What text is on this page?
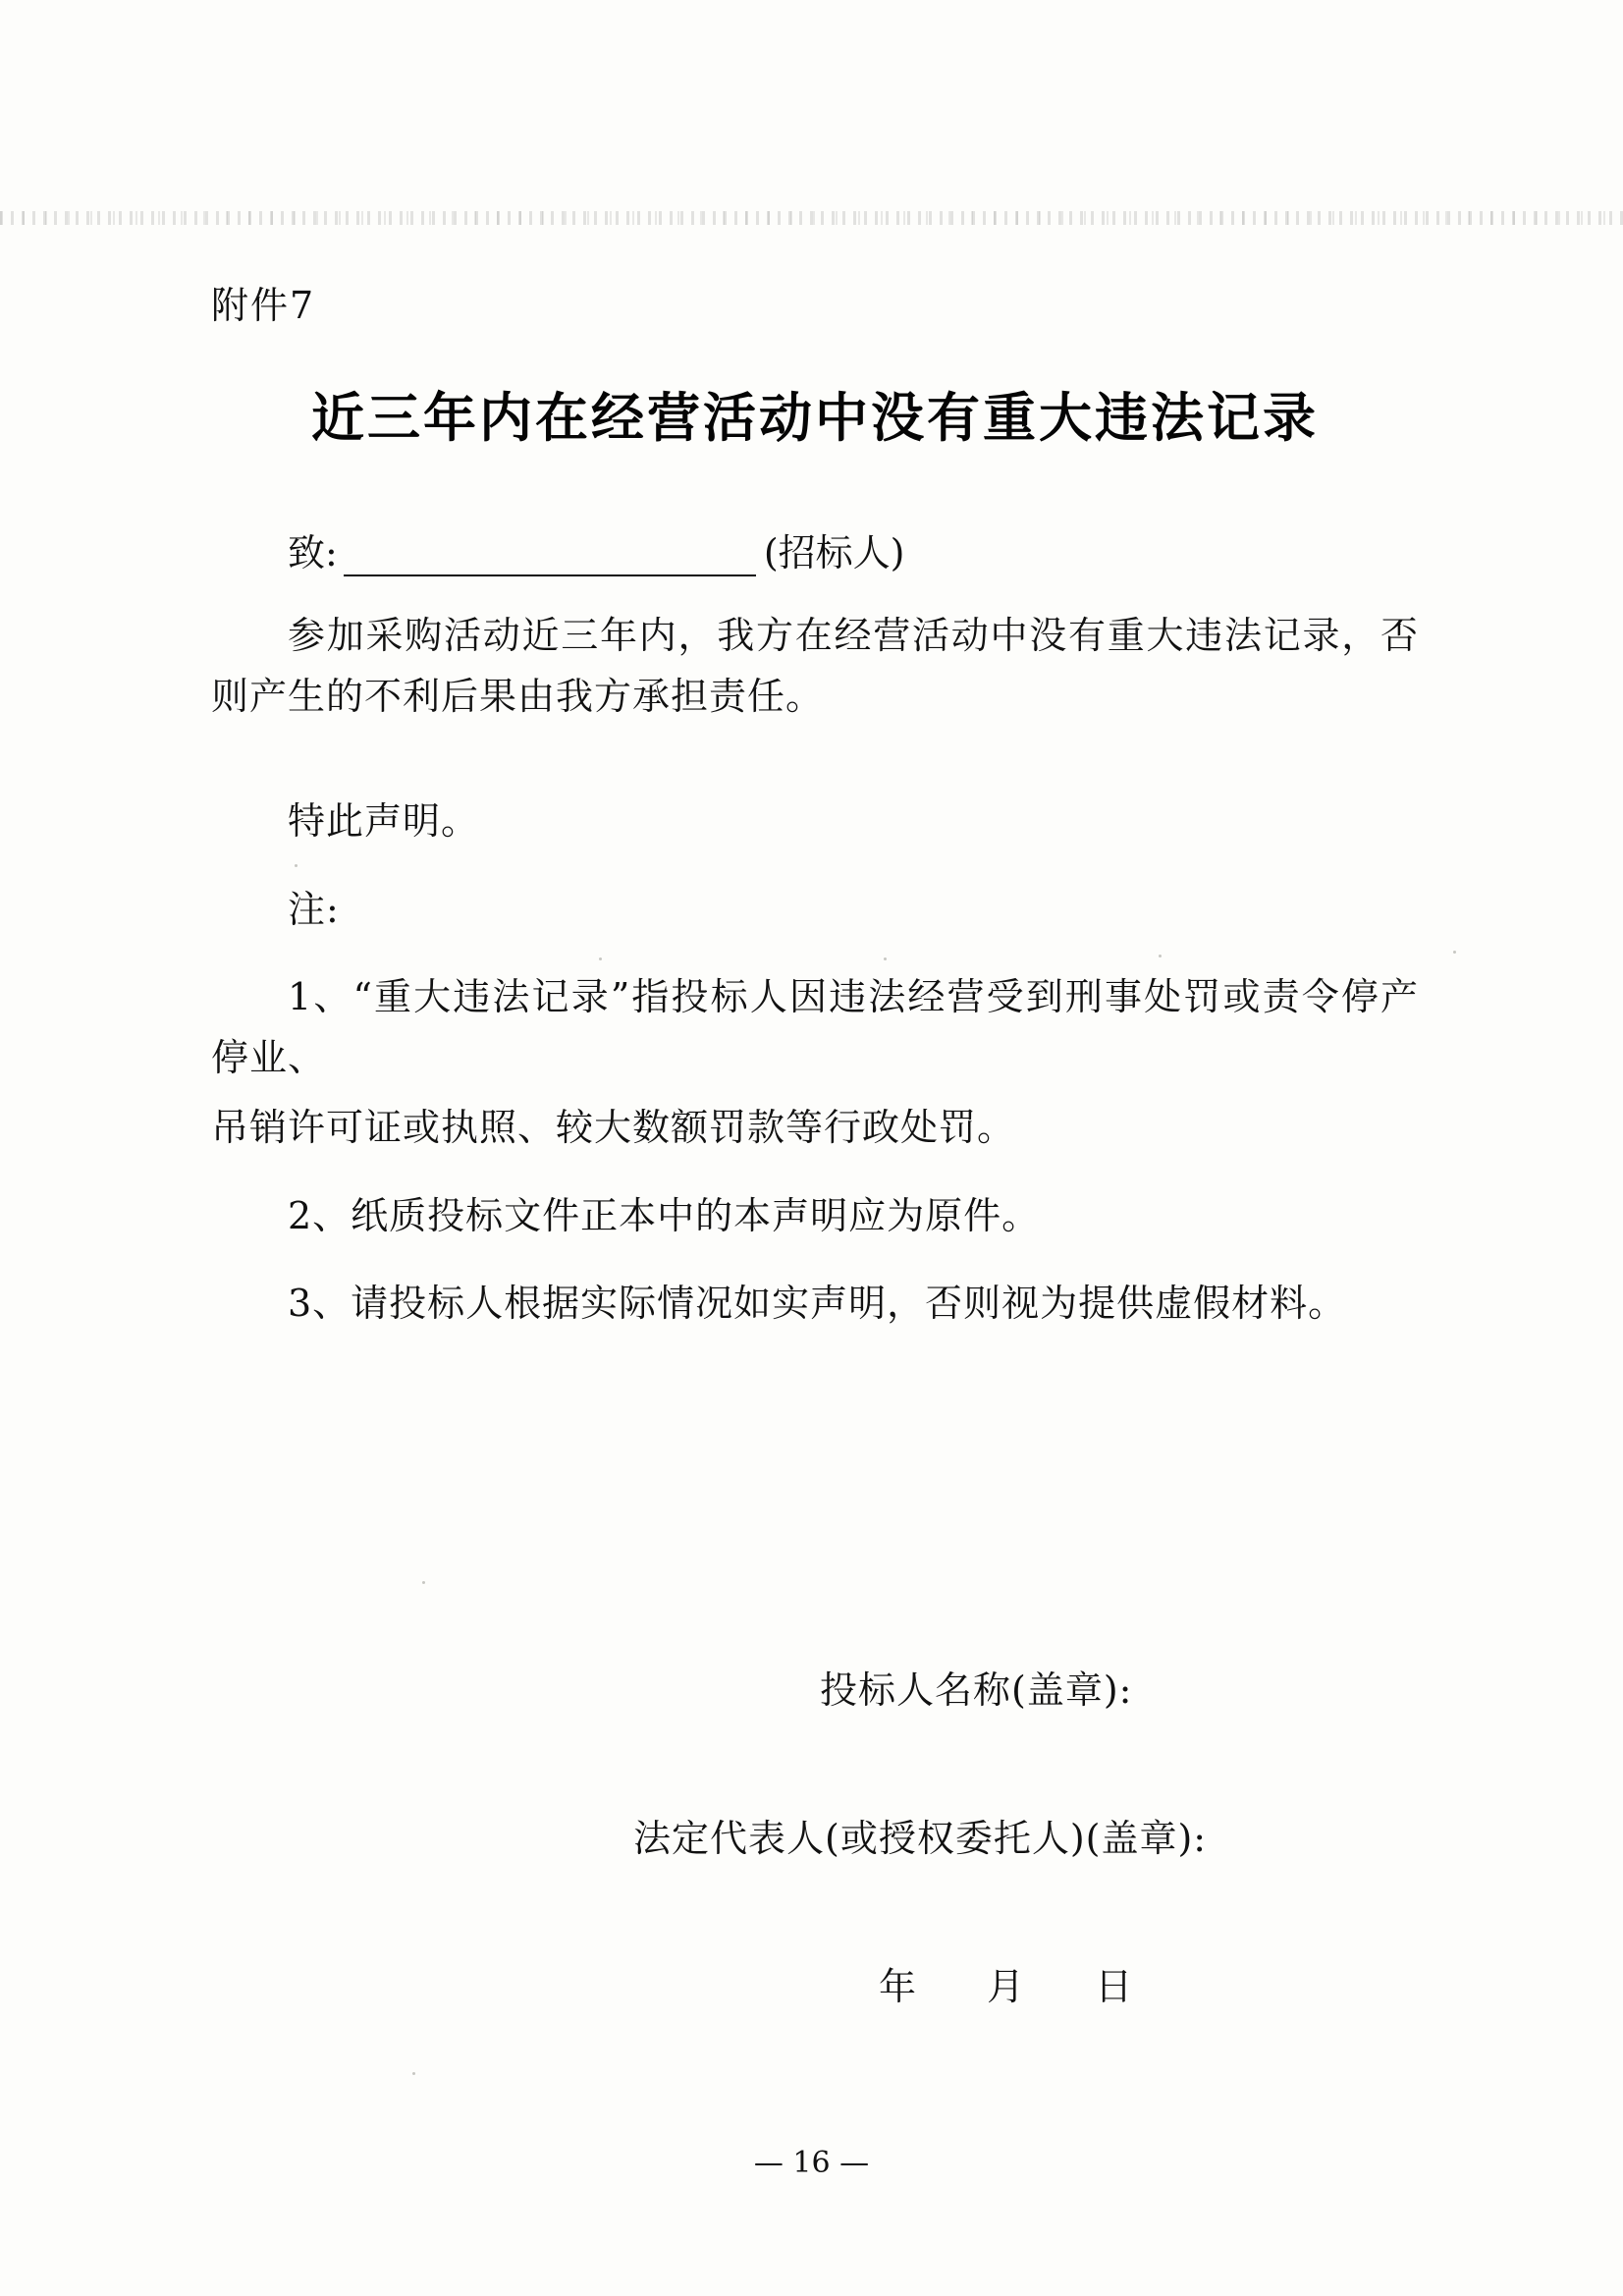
附件7
近三年内在经营活动中没有重大违法记录
致:	(招标人)

参加采购活动近三年内，我方在经营活动中没有重大违法记录，否则产生的不利后果由我方承担责任。

特此声明。

注:

1、“重大违法记录”指投标人因违法经营受到刑事处罚或责令停产停业、

吊销许可证或执照、较大数额罚款等行政处罚。

2、纸质投标文件正本中的本声明应为原件。

3、请投标人根据实际情况如实声明，否则视为提供虚假材料。

投标人名称(盖章):
法定代表人(或授权委托人)(盖章):
年 月 日
— 16 —
